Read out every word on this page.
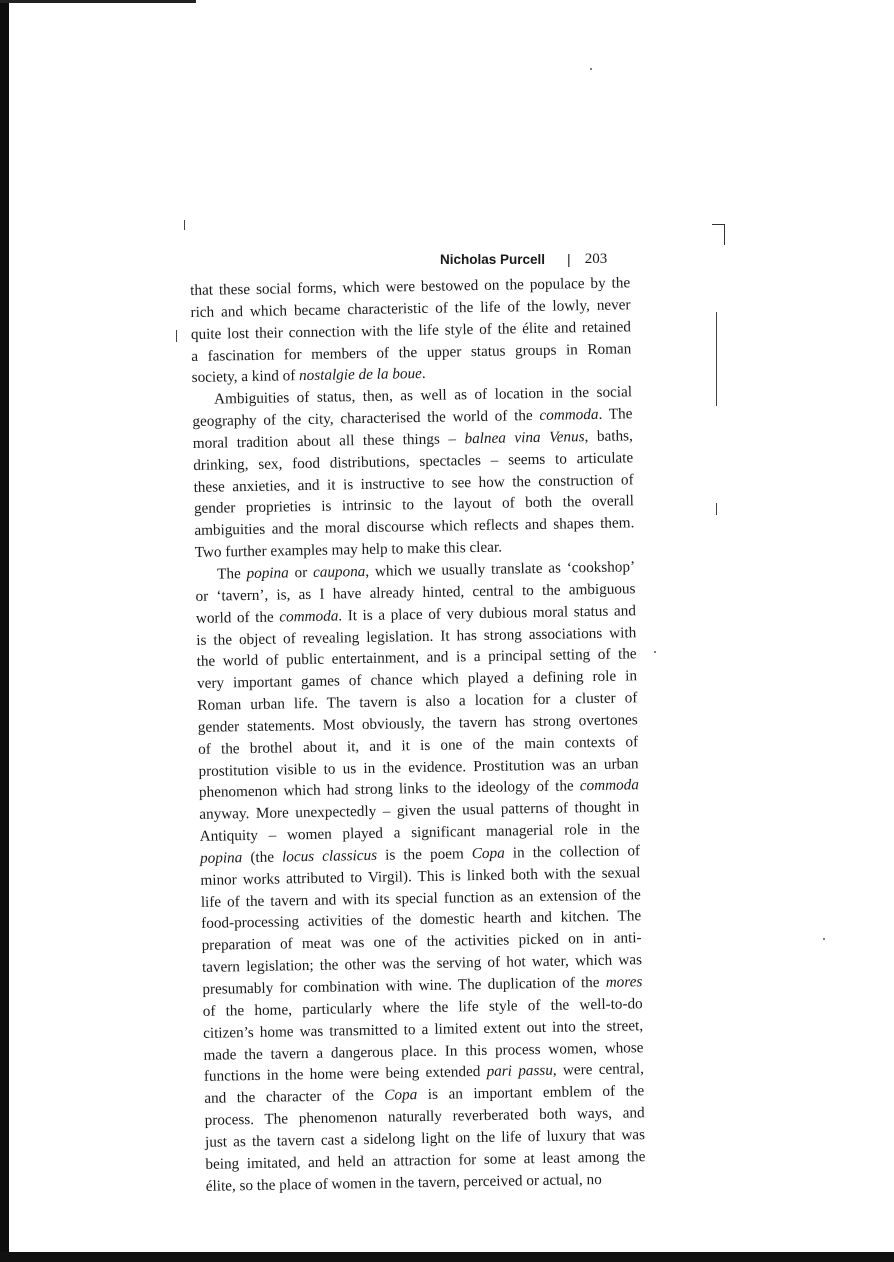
Nicholas Purcell | 203
that these social forms, which were bestowed on the populace by the
rich and which became characteristic of the life of the lowly, never
quite lost their connection with the life style of the élite and retained
a fascination for members of the upper status groups in Roman
society, a kind of nostalgie de la boue.
Ambiguities of status, then, as well as of location in the social
geography of the city, characterised the world of the commoda. The
moral tradition about all these things – balnea vina Venus, baths,
drinking, sex, food distributions, spectacles – seems to articulate
these anxieties, and it is instructive to see how the construction of
gender proprieties is intrinsic to the layout of both the overall
ambiguities and the moral discourse which reflects and shapes them.
Two further examples may help to make this clear.
The popina or caupona, which we usually translate as ‘cookshop’
or ‘tavern’, is, as I have already hinted, central to the ambiguous
world of the commoda. It is a place of very dubious moral status and
is the object of revealing legislation. It has strong associations with
the world of public entertainment, and is a principal setting of the
very important games of chance which played a defining role in
Roman urban life. The tavern is also a location for a cluster of
gender statements. Most obviously, the tavern has strong overtones
of the brothel about it, and it is one of the main contexts of
prostitution visible to us in the evidence. Prostitution was an urban
phenomenon which had strong links to the ideology of the commoda
anyway. More unexpectedly – given the usual patterns of thought in
Antiquity – women played a significant managerial role in the
popina (the locus classicus is the poem Copa in the collection of
minor works attributed to Virgil). This is linked both with the sexual
life of the tavern and with its special function as an extension of the
food-processing activities of the domestic hearth and kitchen. The
preparation of meat was one of the activities picked on in anti-
tavern legislation; the other was the serving of hot water, which was
presumably for combination with wine. The duplication of the mores
of the home, particularly where the life style of the well-to-do
citizen’s home was transmitted to a limited extent out into the street,
made the tavern a dangerous place. In this process women, whose
functions in the home were being extended pari passu, were central,
and the character of the Copa is an important emblem of the
process. The phenomenon naturally reverberated both ways, and
just as the tavern cast a sidelong light on the life of luxury that was
being imitated, and held an attraction for some at least among the
élite, so the place of women in the tavern, perceived or actual, no
